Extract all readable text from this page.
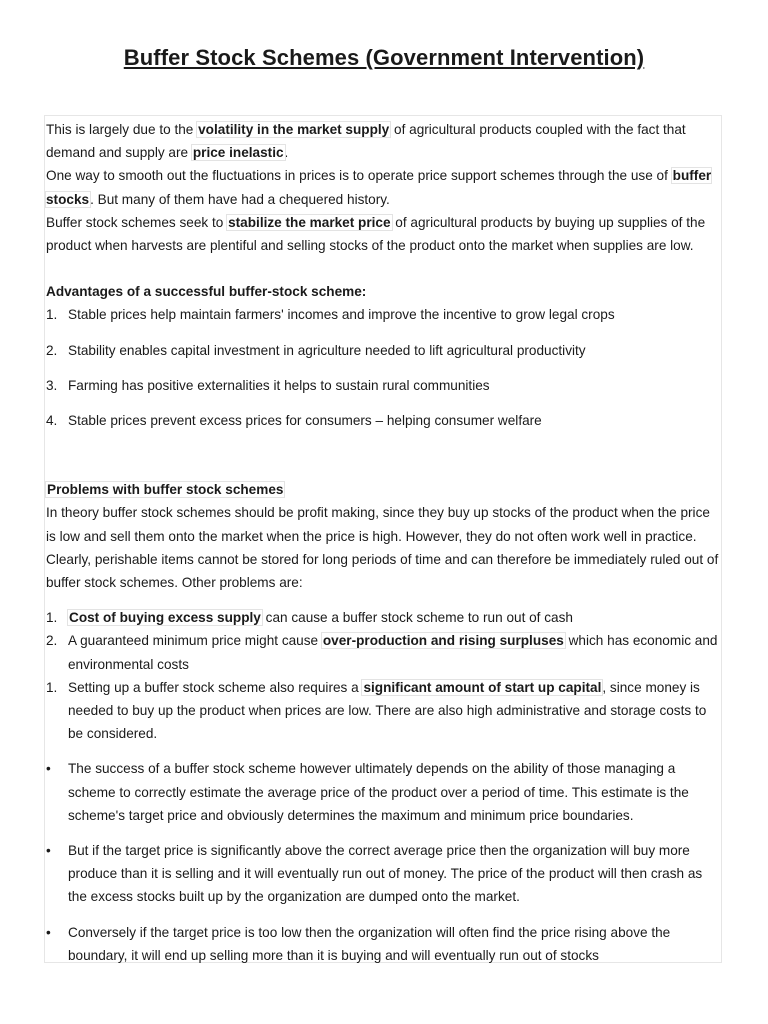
Buffer Stock Schemes (Government Intervention)

This is largely due to the volatility in the market supply of agricultural products coupled with the fact that demand and supply are price inelastic.

One way to smooth out the fluctuations in prices is to operate price support schemes through the use of buffer stocks. But many of them have had a chequered history.

Buffer stock schemes seek to stabilize the market price of agricultural products by buying up supplies of the product when harvests are plentiful and selling stocks of the product onto the market when supplies are low.

Advantages of a successful buffer-stock scheme:

1. Stable prices help maintain farmers' incomes and improve the incentive to grow legal crops
2. Stability enables capital investment in agriculture needed to lift agricultural productivity
3. Farming has positive externalities it helps to sustain rural communities
4. Stable prices prevent excess prices for consumers – helping consumer welfare

Problems with buffer stock schemes

In theory buffer stock schemes should be profit making, since they buy up stocks of the product when the price is low and sell them onto the market when the price is high. However, they do not often work well in practice. Clearly, perishable items cannot be stored for long periods of time and can therefore be immediately ruled out of buffer stock schemes. Other problems are:

1. Cost of buying excess supply can cause a buffer stock scheme to run out of cash
2. A guaranteed minimum price might cause over-production and rising surpluses which has economic and environmental costs
1. Setting up a buffer stock scheme also requires a significant amount of start up capital, since money is needed to buy up the product when prices are low. There are also high administrative and storage costs to be considered.
• The success of a buffer stock scheme however ultimately depends on the ability of those managing a scheme to correctly estimate the average price of the product over a period of time. This estimate is the scheme's target price and obviously determines the maximum and minimum price boundaries.
• But if the target price is significantly above the correct average price then the organization will buy more produce than it is selling and it will eventually run out of money. The price of the product will then crash as the excess stocks built up by the organization are dumped onto the market.
• Conversely if the target price is too low then the organization will often find the price rising above the boundary, it will end up selling more than it is buying and will eventually run out of stocks
